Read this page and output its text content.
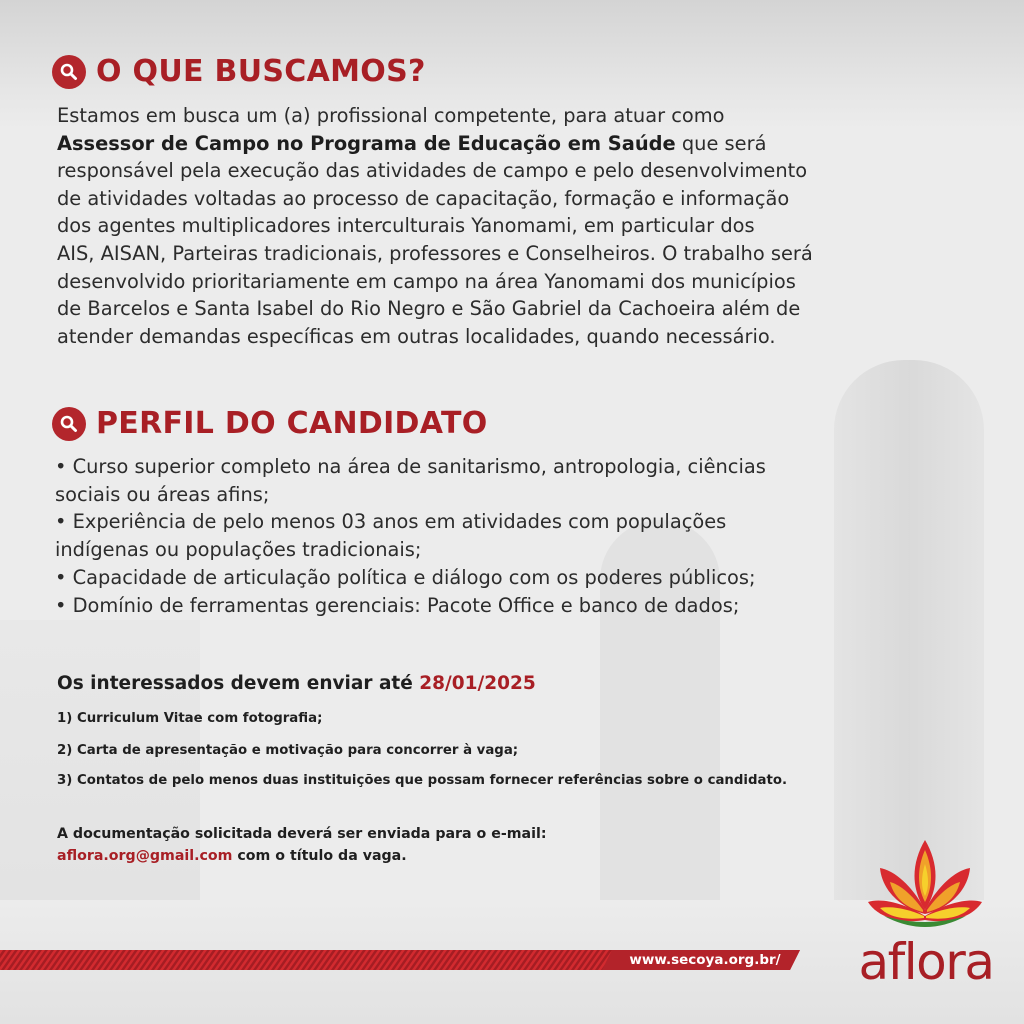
O QUE BUSCAMOS?
Estamos em busca um (a) profissional competente, para atuar como
Assessor de Campo no Programa de Educação em Saúde que será
responsável pela execução das atividades de campo e pelo desenvolvimento
de atividades voltadas ao processo de capacitação, formação e informação
dos agentes multiplicadores interculturais Yanomami, em particular dos
AIS, AISAN, Parteiras tradicionais, professores e Conselheiros. O trabalho será
desenvolvido prioritariamente em campo na área Yanomami dos municípios
de Barcelos e Santa Isabel do Rio Negro e São Gabriel da Cachoeira além de
atender demandas específicas em outras localidades, quando necessário.
PERFIL DO CANDIDATO
• Curso superior completo na área de sanitarismo, antropologia, ciências
sociais ou áreas afins;
• Experiência de pelo menos 03 anos em atividades com populações
indígenas ou populações tradicionais;
• Capacidade de articulação política e diálogo com os poderes públicos;
• Domínio de ferramentas gerenciais: Pacote Office e banco de dados;
Os interessados devem enviar até 28/01/2025
1) Curriculum Vitae com fotografia;
2) Carta de apresentação e motivação para concorrer à vaga;
3) Contatos de pelo menos duas instituições que possam fornecer referências sobre o candidato.
A documentação solicitada deverá ser enviada para o e-mail:
aflora.org@gmail.com com o título da vaga.
www.secoya.org.br/	aflora
